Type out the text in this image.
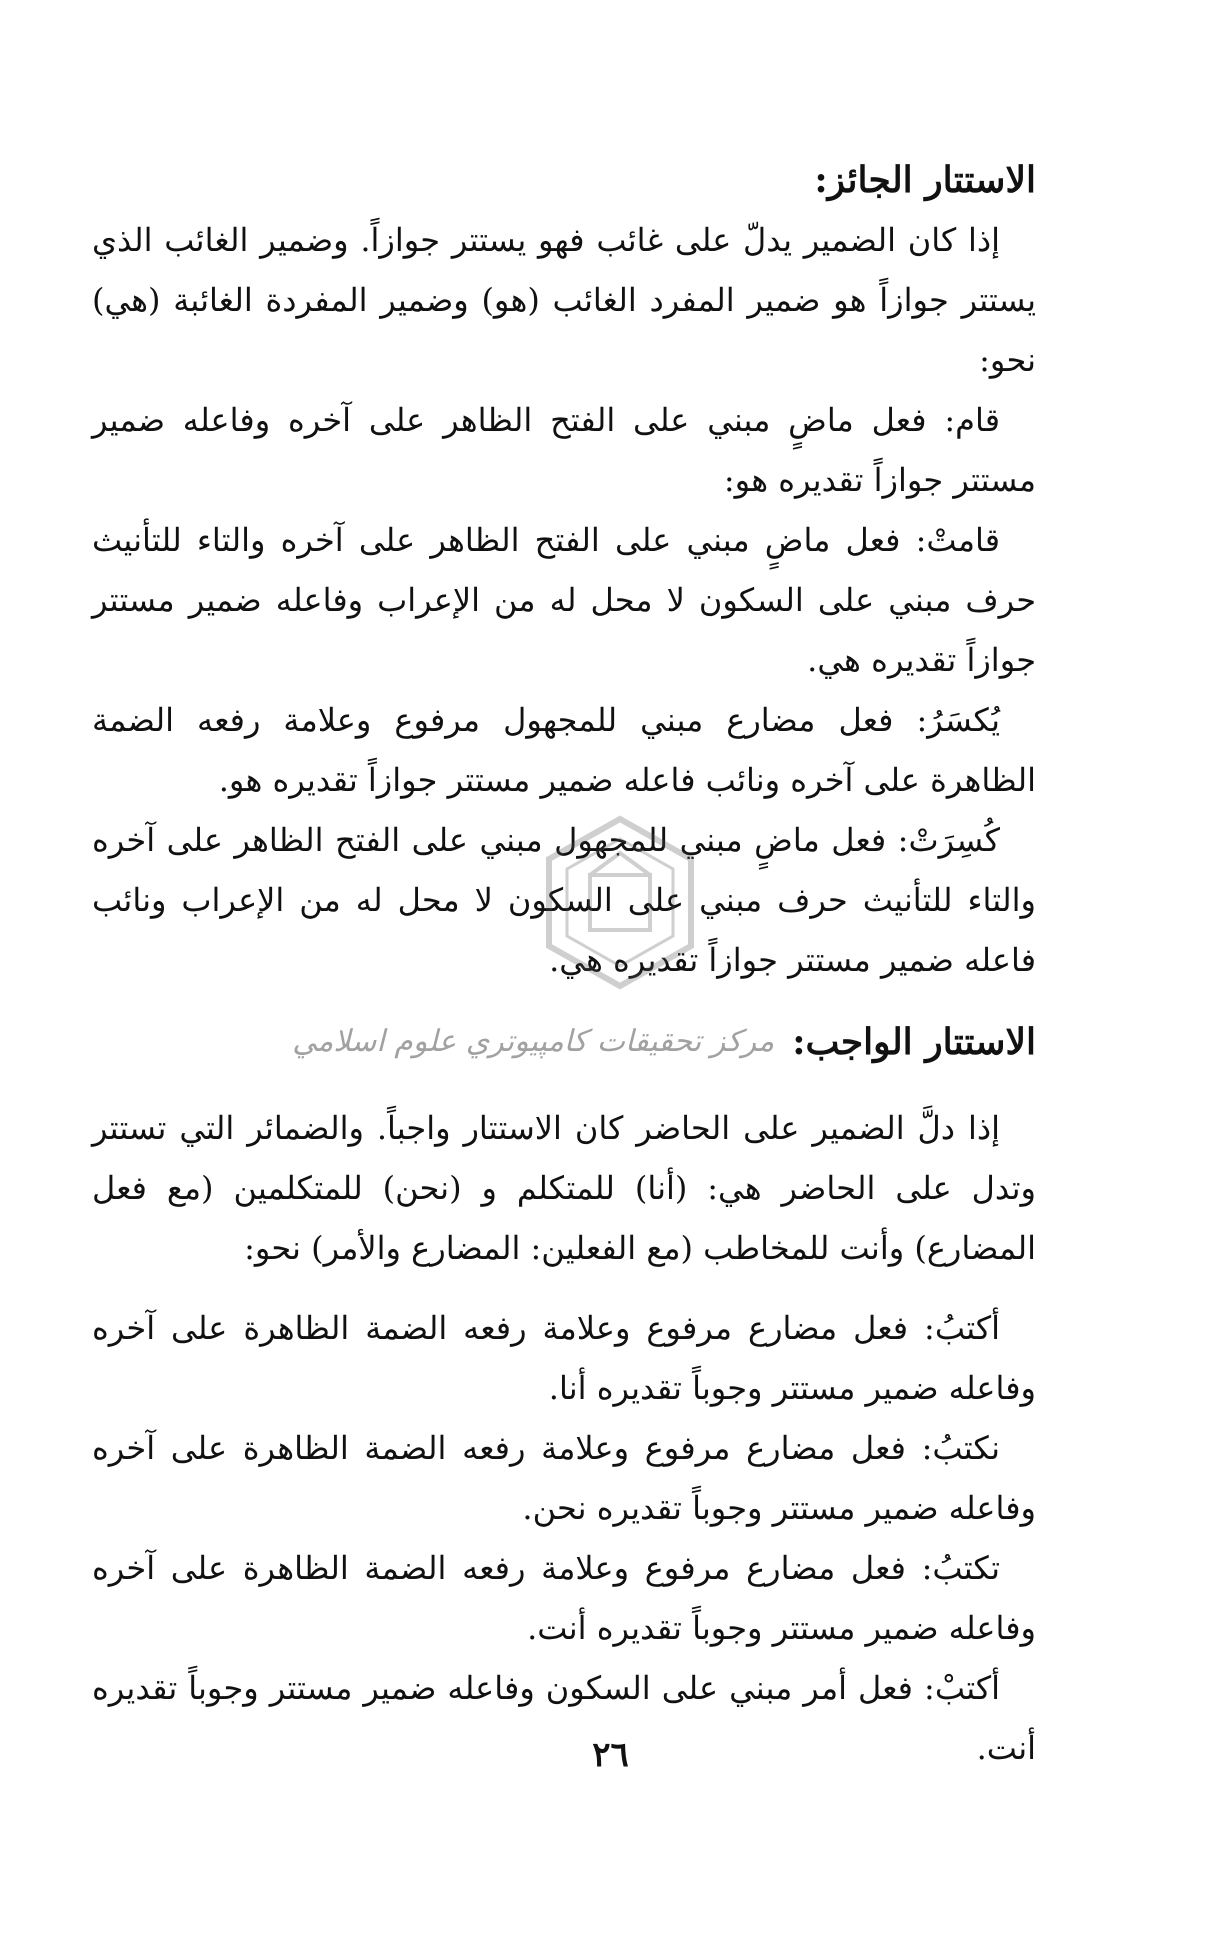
الاستتار الجائز:

إذا كان الضمير يدلّ على غائب فهو يستتر جوازاً. وضمير الغائب الذي يستتر جوازاً هو ضمير المفرد الغائب (هو) وضمير المفردة الغائبة (هي) نحو:

قام: فعل ماضٍ مبني على الفتح الظاهر على آخره وفاعله ضمير مستتر جوازاً تقديره هو:

قامتْ: فعل ماضٍ مبني على الفتح الظاهر على آخره والتاء للتأنيث حرف مبني على السكون لا محل له من الإعراب وفاعله ضمير مستتر جوازاً تقديره هي.

يُكسَرُ: فعل مضارع مبني للمجهول مرفوع وعلامة رفعه الضمة الظاهرة على آخره ونائب فاعله ضمير مستتر جوازاً تقديره هو.

كُسِرَتْ: فعل ماضٍ مبني للمجهول مبني على الفتح الظاهر على آخره والتاء للتأنيث حرف مبني على السكون لا محل له من الإعراب ونائب فاعله ضمير مستتر جوازاً تقديره هي.

الاستتار الواجب:
مركز تحقيقات كامپيوتري علوم اسلامي

إذا دلَّ الضمير على الحاضر كان الاستتار واجباً. والضمائر التي تستتر وتدل على الحاضر هي: (أنا) للمتكلم و (نحن) للمتكلمين (مع فعل المضارع) وأنت للمخاطب (مع الفعلين: المضارع والأمر) نحو:

أكتبُ: فعل مضارع مرفوع وعلامة رفعه الضمة الظاهرة على آخره وفاعله ضمير مستتر وجوباً تقديره أنا.

نكتبُ: فعل مضارع مرفوع وعلامة رفعه الضمة الظاهرة على آخره وفاعله ضمير مستتر وجوباً تقديره نحن.

تكتبُ: فعل مضارع مرفوع وعلامة رفعه الضمة الظاهرة على آخره وفاعله ضمير مستتر وجوباً تقديره أنت.

أكتبْ: فعل أمر مبني على السكون وفاعله ضمير مستتر وجوباً تقديره أنت.

٢٦
